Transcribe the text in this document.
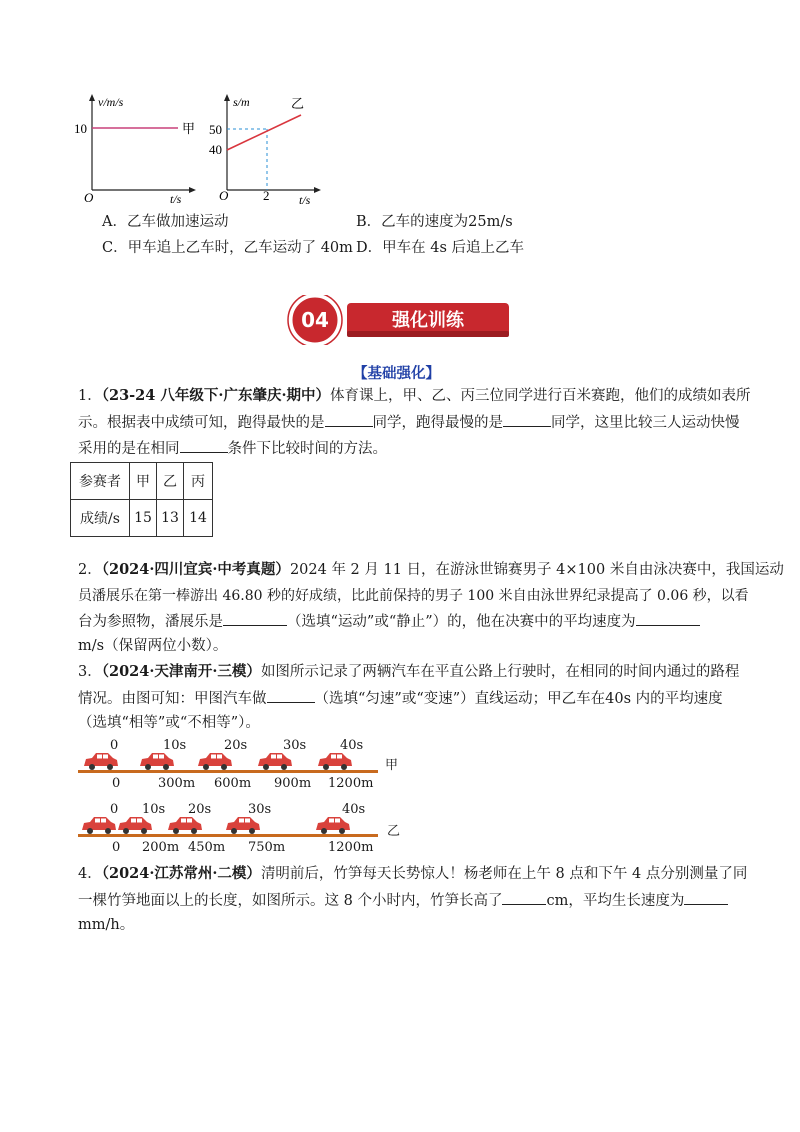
v/m/s
10	甲
O	t/s
s/m	乙
50
40
O	2 t/s
A．乙车做加速运动	B．乙车的速度为25m/s
C．甲车追上乙车时，乙车运动了 40m D．甲车在 4s 后追上乙车
04	强化训练
【基础强化】
1．（23-24 八年级下·广东肇庆·期中）体育课上，甲、乙、丙三位同学进行百米赛跑，他们的成绩如表所
示。根据表中成绩可知，跑得最快的是	同学，跑得最慢的是	同学，这里比较三人运动快慢
采用的是在相同	条件下比较时间的方法。
参赛者	甲	乙	丙
成绩/s	15	13	14
2．（2024·四川宜宾·中考真题）2024 年 2 月 11 日，在游泳世锦赛男子 4×100 米自由泳决赛中，我国运动
员潘展乐在第一棒游出 46.80 秒的好成绩，比此前保持的男子 100 米自由泳世界纪录提高了 0.06 秒，以看
台为参照物，潘展乐是	（选填“运动”或“静止”）的，他在决赛中的平均速度为
m/s（保留两位小数）。
3．（2024·天津南开·三模）如图所示记录了两辆汽车在平直公路上行驶时，在相同的时间内通过的路程
情况。由图可知：甲图汽车做	（选填“匀速”或“变速”）直线运动；甲乙车在40s 内的平均速度
（选填“相等”或“不相等”）。
0	10s	20s	30s	40s
0	300m 600m 900m 1200m
甲
0 10s 20s	30s	40s
0 200m 450m 750m	1200m
乙
4．（2024·江苏常州·二模）清明前后，竹笋每天长势惊人！杨老师在上午 8 点和下午 4 点分别测量了同
一棵竹笋地面以上的长度，如图所示。这 8 个小时内，竹笋长高了	cm，平均生长速度为
mm/h。
